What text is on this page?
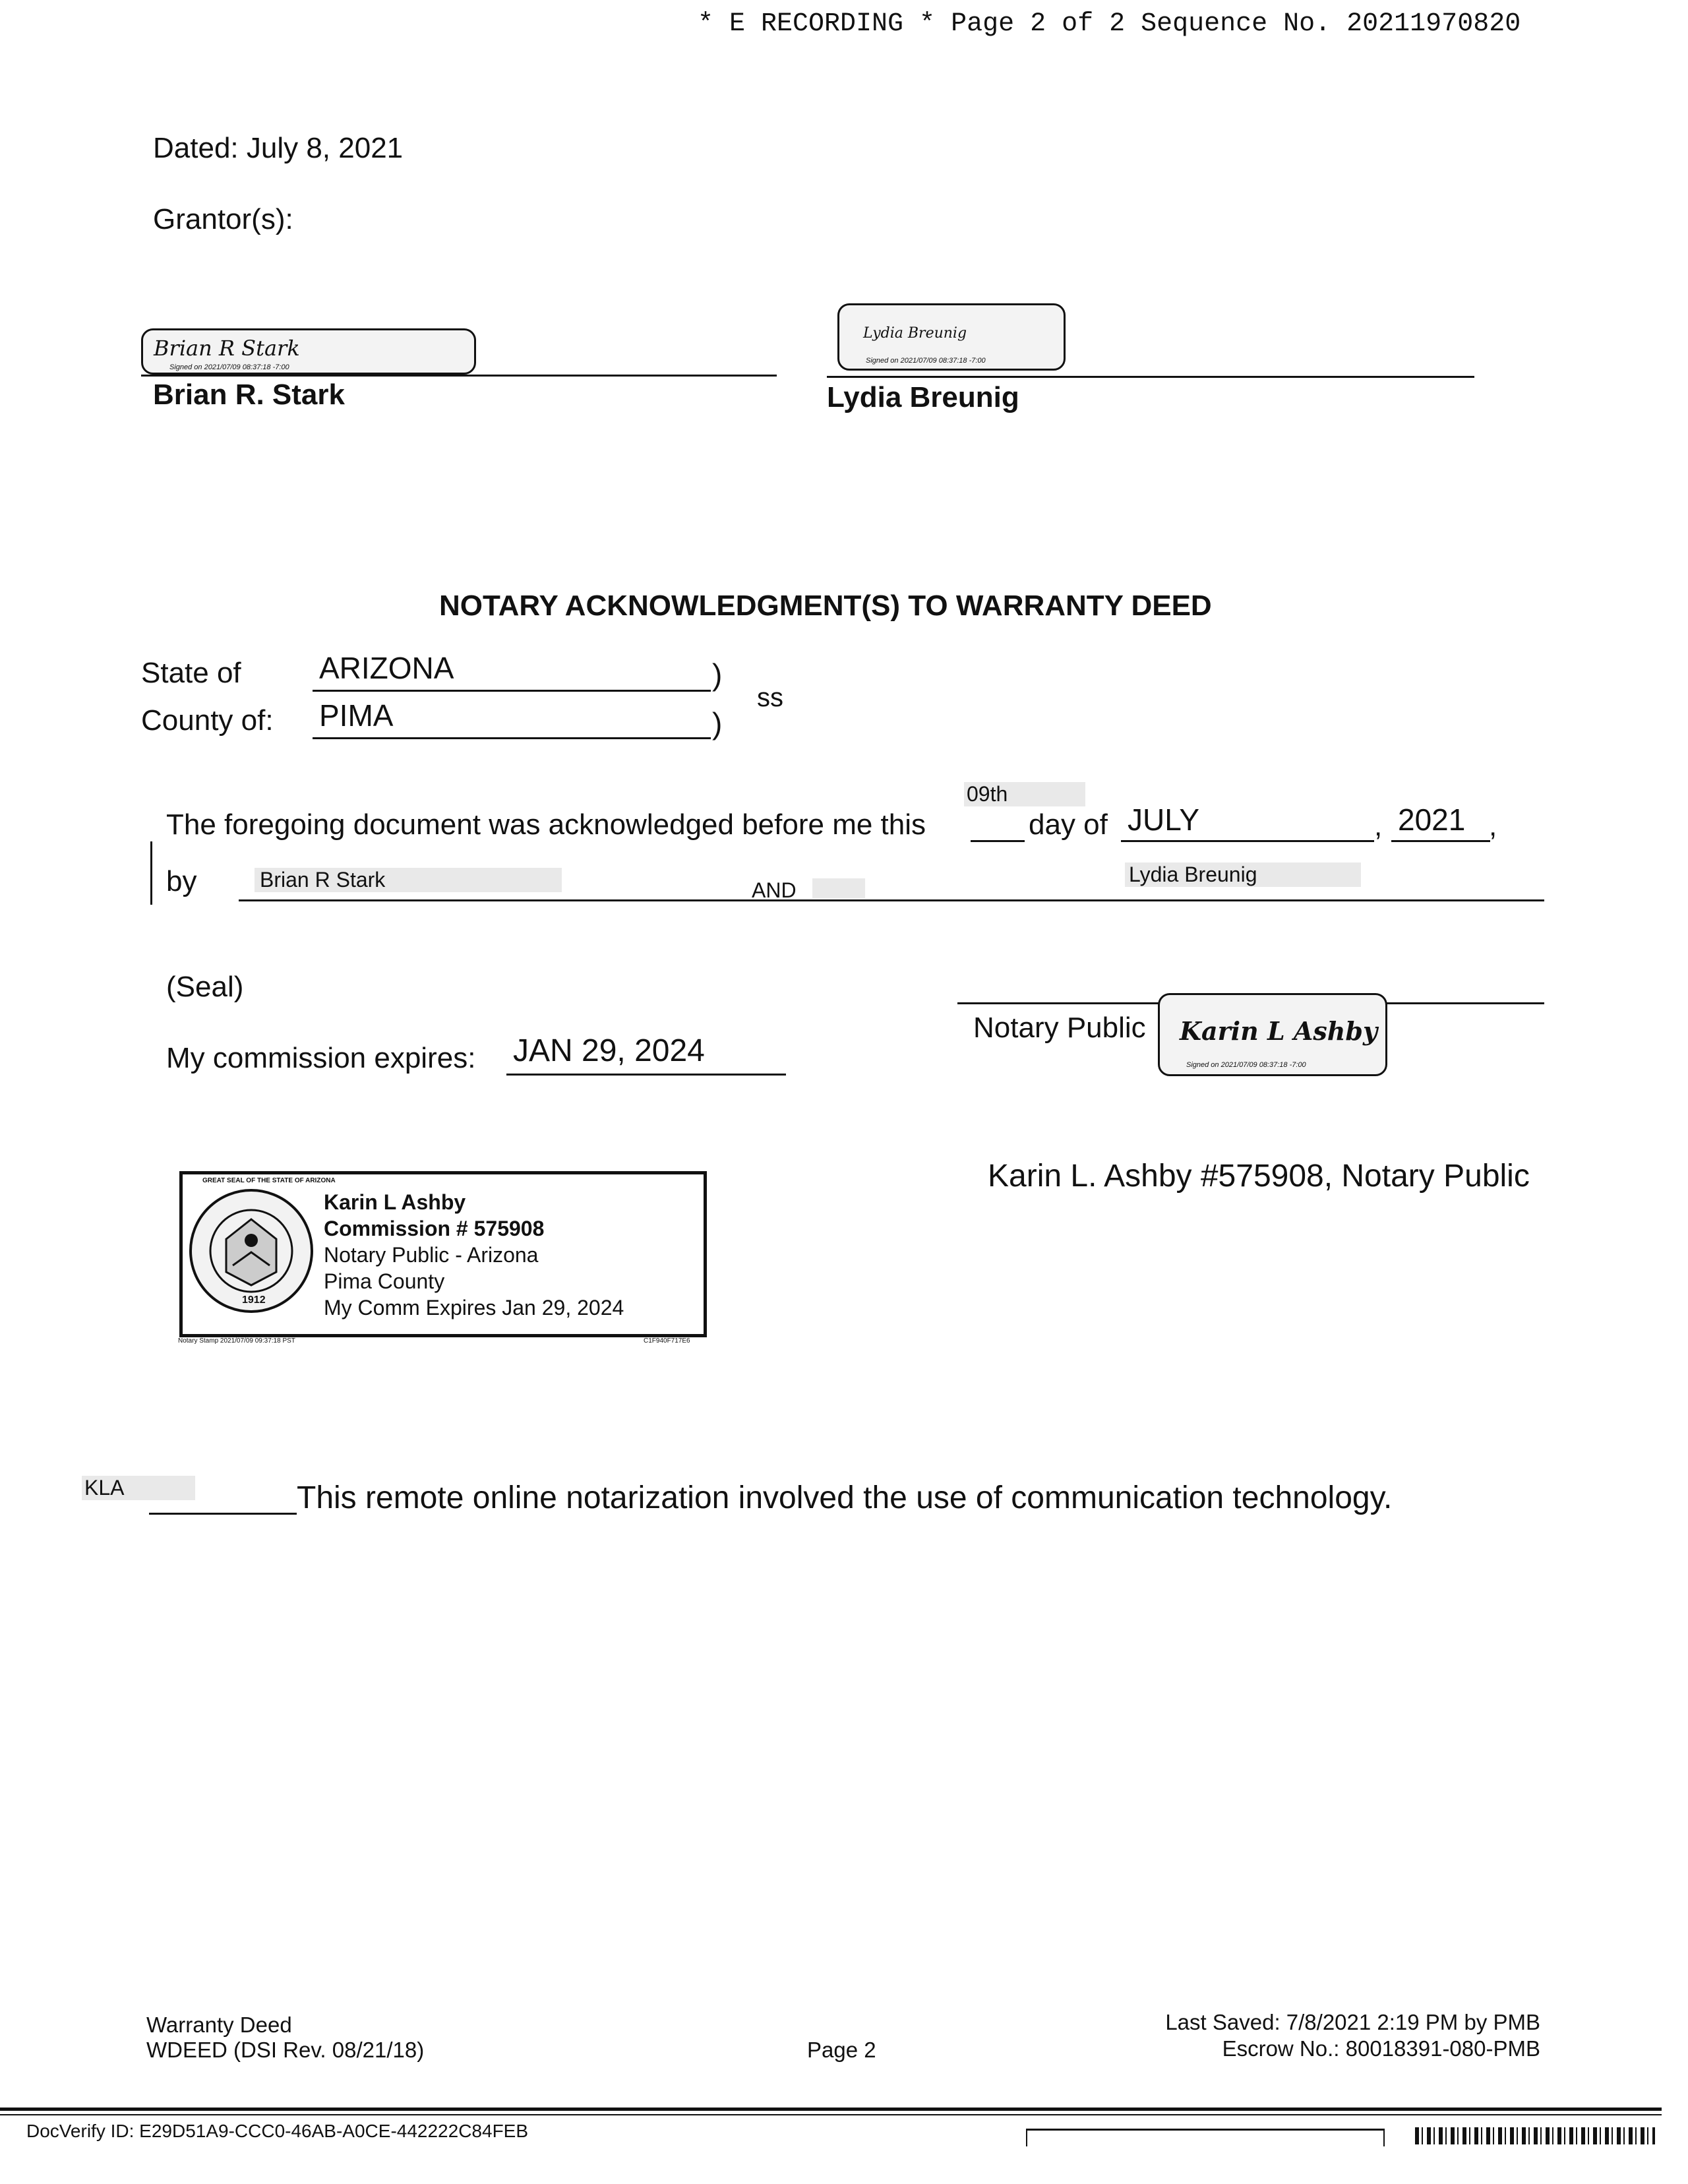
* E RECORDING * Page 2 of 2 Sequence No. 20211970820
Dated: July 8, 2021
Grantor(s):
Brian R Stark
Signed on 2021/07/09 08:37:18 -7:00
Brian R. Stark
Lydia Breunig
Signed on 2021/07/09 08:37:18 -7:00
Lydia Breunig
NOTARY ACKNOWLEDGMENT(S) TO WARRANTY DEED
State of	ARIZONA	)
County of: PIMA	)
ss
09th
The foregoing document was acknowledged before me this	day of JULY	, 2021 ,
by	Brian R Stark	AND
Lydia Breunig
(Seal)
My commission expires: JAN 29, 2024
Notary Public Karin L Ashby
Signed on 2021/07/09 08:37:18 -7:00
Karin L. Ashby #575908, Notary Public
1912
GREAT SEAL OF THE STATE OF ARIZONA
Karin L Ashby
Commission # 575908
Notary Public - Arizona
Pima County
My Comm Expires Jan 29, 2024
Notary Stamp 2021/07/09 09:37:18 PST	C1F940F717E6
KLA	This remote online notarization involved the use of communication technology.
Warranty Deed
WDEED (DSI Rev. 08/21/18)	Page 2
Last Saved: 7/8/2021 2:19 PM by PMB
Escrow No.: 80018391-080-PMB
DocVerify ID: E29D51A9-CCC0-46AB-A0CE-442222C84FEB
